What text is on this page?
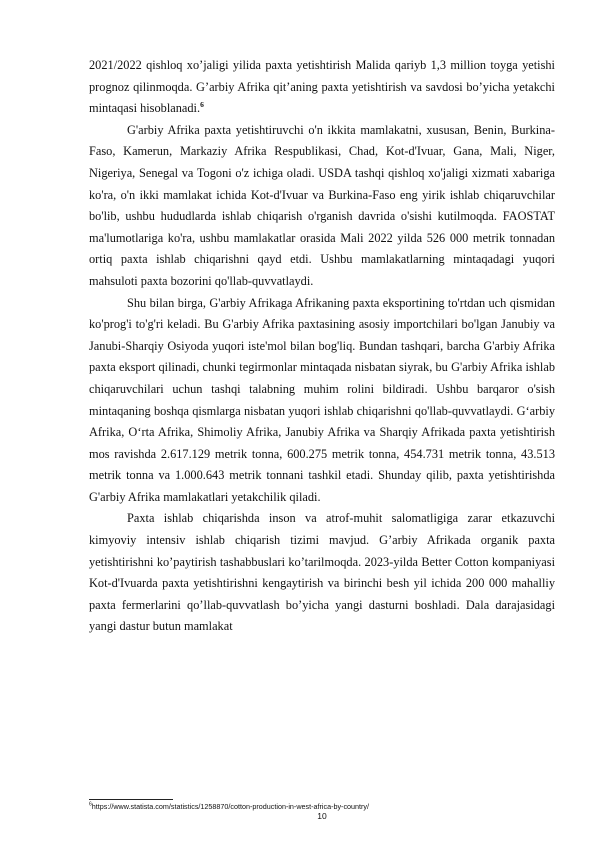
2021/2022 qishloq xo’jaligi yilida paxta yetishtirish Malida qariyb 1,3 million toyga yetishi prognoz qilinmoqda. G’arbiy Afrika qit’aning paxta yetishtirish va savdosi bo’yicha yetakchi mintaqasi hisoblanadi.$^6$

G'arbiy Afrika paxta yetishtiruvchi o'n ikkita mamlakatni, xususan, Benin, Burkina-Faso, Kamerun, Markaziy Afrika Respublikasi, Chad, Kot-d'Ivuar, Gana, Mali, Niger, Nigeriya, Senegal va Togoni o'z ichiga oladi. USDA tashqi qishloq xo'jaligi xizmati xabariga ko'ra, o'n ikki mamlakat ichida Kot-d'Ivuar va Burkina-Faso eng yirik ishlab chiqaruvchilar bo'lib, ushbu hududlarda ishlab chiqarish o'rganish davrida o'sishi kutilmoqda. FAOSTAT ma'lumotlariga ko'ra, ushbu mamlakatlar orasida Mali 2022 yilda 526 000 metrik tonnadan ortiq paxta ishlab chiqarishni qayd etdi. Ushbu mamlakatlarning mintaqadagi yuqori mahsuloti paxta bozorini qo'llab-quvvatlaydi.

Shu bilan birga, G'arbiy Afrikaga Afrikaning paxta eksportining to'rtdan uch qismidan ko'prog'i to'g'ri keladi. Bu G'arbiy Afrika paxtasining asosiy importchilari bo'lgan Janubiy va Janubi-Sharqiy Osiyoda yuqori iste'mol bilan bog'liq. Bundan tashqari, barcha G'arbiy Afrika paxta eksport qilinadi, chunki tegirmonlar mintaqada nisbatan siyrak, bu G'arbiy Afrika ishlab chiqaruvchilari uchun tashqi talabning muhim rolini bildiradi. Ushbu barqaror o'sish mintaqaning boshqa qismlarga nisbatan yuqori ishlab chiqarishni qo'llab-quvvatlaydi. G‘arbiy Afrika, O‘rta Afrika, Shimoliy Afrika, Janubiy Afrika va Sharqiy Afrikada paxta yetishtirish mos ravishda 2.617.129 metrik tonna, 600.275 metrik tonna, 454.731 metrik tonna, 43.513 metrik tonna va 1.000.643 metrik tonnani tashkil etadi. Shunday qilib, paxta yetishtirishda G'arbiy Afrika mamlakatlari yetakchilik qiladi.

Paxta ishlab chiqarishda inson va atrof-muhit salomatligiga zarar etkazuvchi kimyoviy intensiv ishlab chiqarish tizimi mavjud. G’arbiy Afrikada organik paxta yetishtirishni ko’paytirish tashabbuslari ko’tarilmoqda. 2023-yilda Better Cotton kompaniyasi Kot-d'Ivuarda paxta yetishtirishni kengaytirish va birinchi besh yil ichida 200 000 mahalliy paxta fermerlarini qo’llab-quvvatlash bo’yicha yangi dasturni boshladi. Dala darajasidagi yangi dastur butun mamlakat

$^6$https://www.statista.com/statistics/1258870/cotton-production-in-west-africa-by-country/
10
